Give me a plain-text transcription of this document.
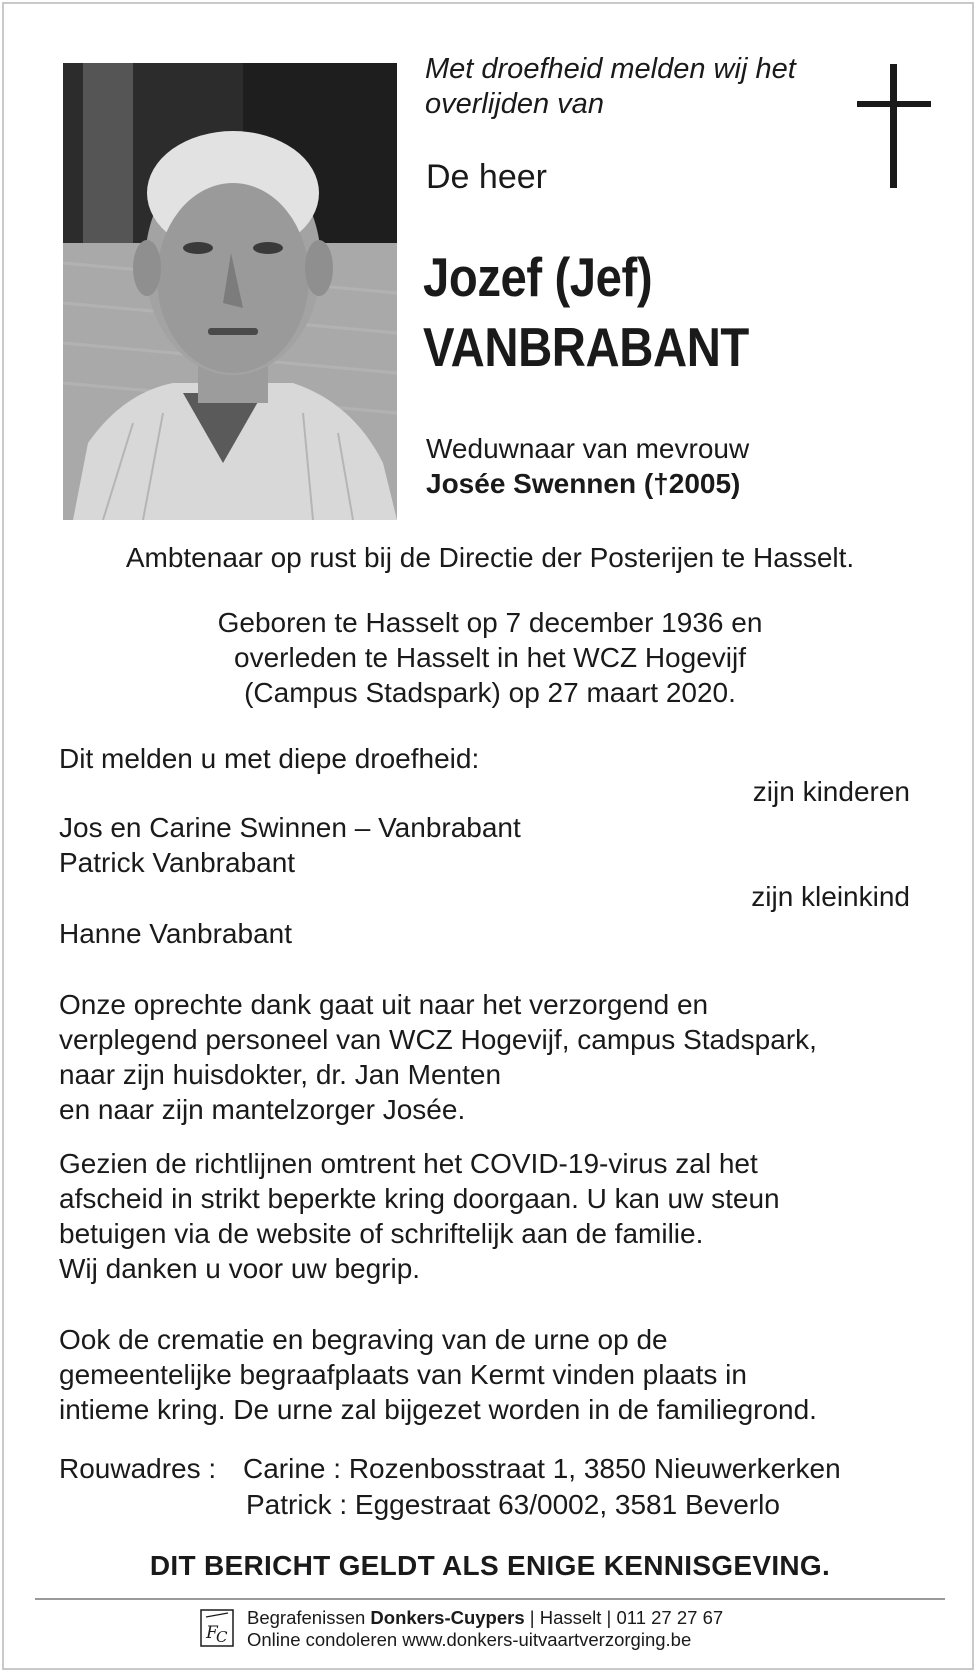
Met droefheid melden wij het
overlijden van
De heer
Jozef (Jef)
VANBRABANT
Weduwnaar van mevrouw
Josée Swennen (†2005)
Ambtenaar op rust bij de Directie der Posterijen te Hasselt.
Geboren te Hasselt op 7 december 1936 en
overleden te Hasselt in het WCZ Hogevijf
(Campus Stadspark) op 27 maart 2020.
Dit melden u met diepe droefheid:
zijn kinderen
Jos en Carine Swinnen – Vanbrabant
Patrick Vanbrabant
zijn kleinkind
Hanne Vanbrabant
Onze oprechte dank gaat uit naar het verzorgend en
verplegend personeel van WCZ Hogevijf, campus Stadspark,
naar zijn huisdokter, dr. Jan Menten
en naar zijn mantelzorger Josée.
Gezien de richtlijnen omtrent het COVID-19-virus zal het
afscheid in strikt beperkte kring doorgaan. U kan uw steun
betuigen via de website of schriftelijk aan de familie.
Wij danken u voor uw begrip.
Ook de crematie en begraving van de urne op de
gemeentelijke begraafplaats van Kermt vinden plaats in
intieme kring. De urne zal bijgezet worden in de familiegrond.
Rouwadres : Carine : Rozenbosstraat 1, 3850 Nieuwerkerken
Patrick : Eggestraat 63/0002, 3581 Beverlo
DIT BERICHT GELDT ALS ENIGE KENNISGEVING.
F
C
Begrafenissen Donkers-Cuypers | Hasselt | 011 27 27 67
Online condoleren www.donkers-uitvaartverzorging.be
